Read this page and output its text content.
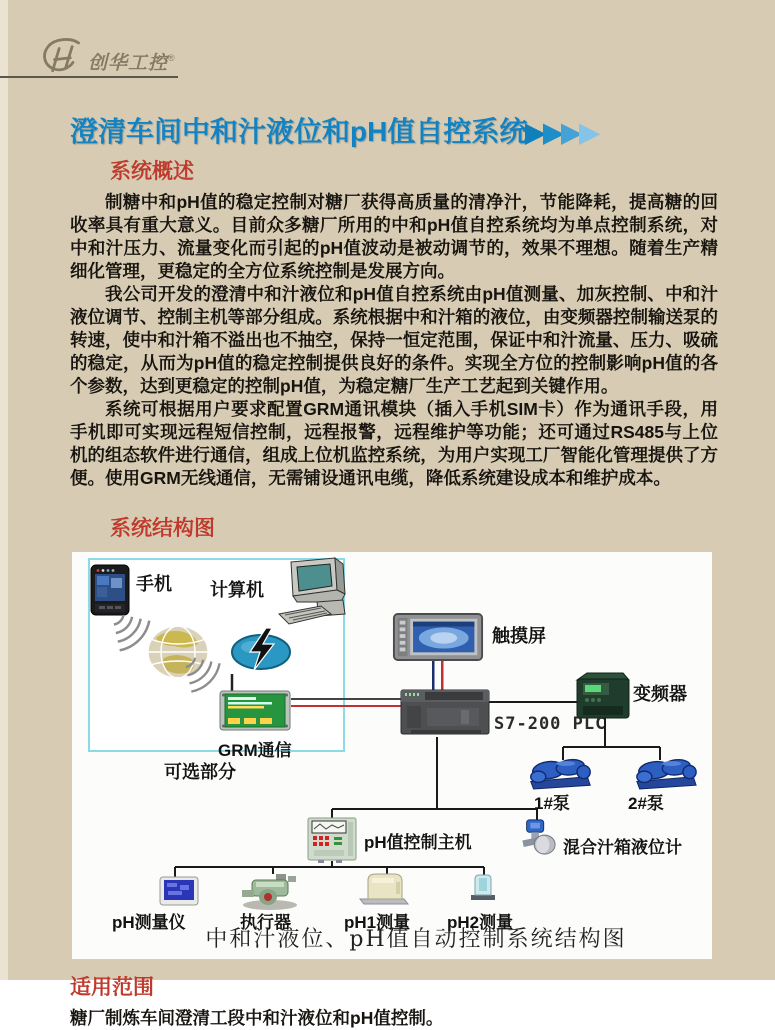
创华工控 ®
澄清车间中和汁液位和pH值自控系统▶▶▶▶
系统概述

制糖中和pH值的稳定控制对糖厂获得高质量的清净汁，节能降耗，提高糖的回收率具有重大意义。目前众多糖厂所用的中和pH值自控系统均为单点控制系统，对中和汁压力、流量变化而引起的pH值波动是被动调节的，效果不理想。随着生产精细化管理，更稳定的全方位系统控制是发展方向。

我公司开发的澄清中和汁液位和pH值自控系统由pH值测量、加灰控制、中和汁液位调节、控制主机等部分组成。系统根据中和汁箱的液位，由变频器控制输送泵的转速，使中和汁箱不溢出也不抽空，保持一恒定范围，保证中和汁流量、压力、吸硫的稳定，从而为pH值的稳定控制提供良好的条件。实现全方位的控制影响pH值的各个参数，达到更稳定的控制pH值，为稳定糖厂生产工艺起到关键作用。

系统可根据用户要求配置GRM通讯模块（插入手机SIM卡）作为通讯手段，用手机即可实现远程短信控制，远程报警，远程维护等功能；还可通过RS485与上位机的组态软件进行通信，组成上位机监控系统，为用户实现工厂智能化管理提供了方便。使用GRM无线通信，无需铺设通讯电缆，降低系统建设成本和维护成本。

系统结构图
手机 计算机
GRM通信
可选部分
触摸屏
S7-200 PLC
变频器
1#泵	2#泵
pH值控制主机	混合汁箱液位计
pH测量仪	执行器	pH1测量 pH2测量
中和汁液位、pH值自动控制系统结构图
适用范围

糖厂制炼车间澄清工段中和汁液位和pH值控制。
